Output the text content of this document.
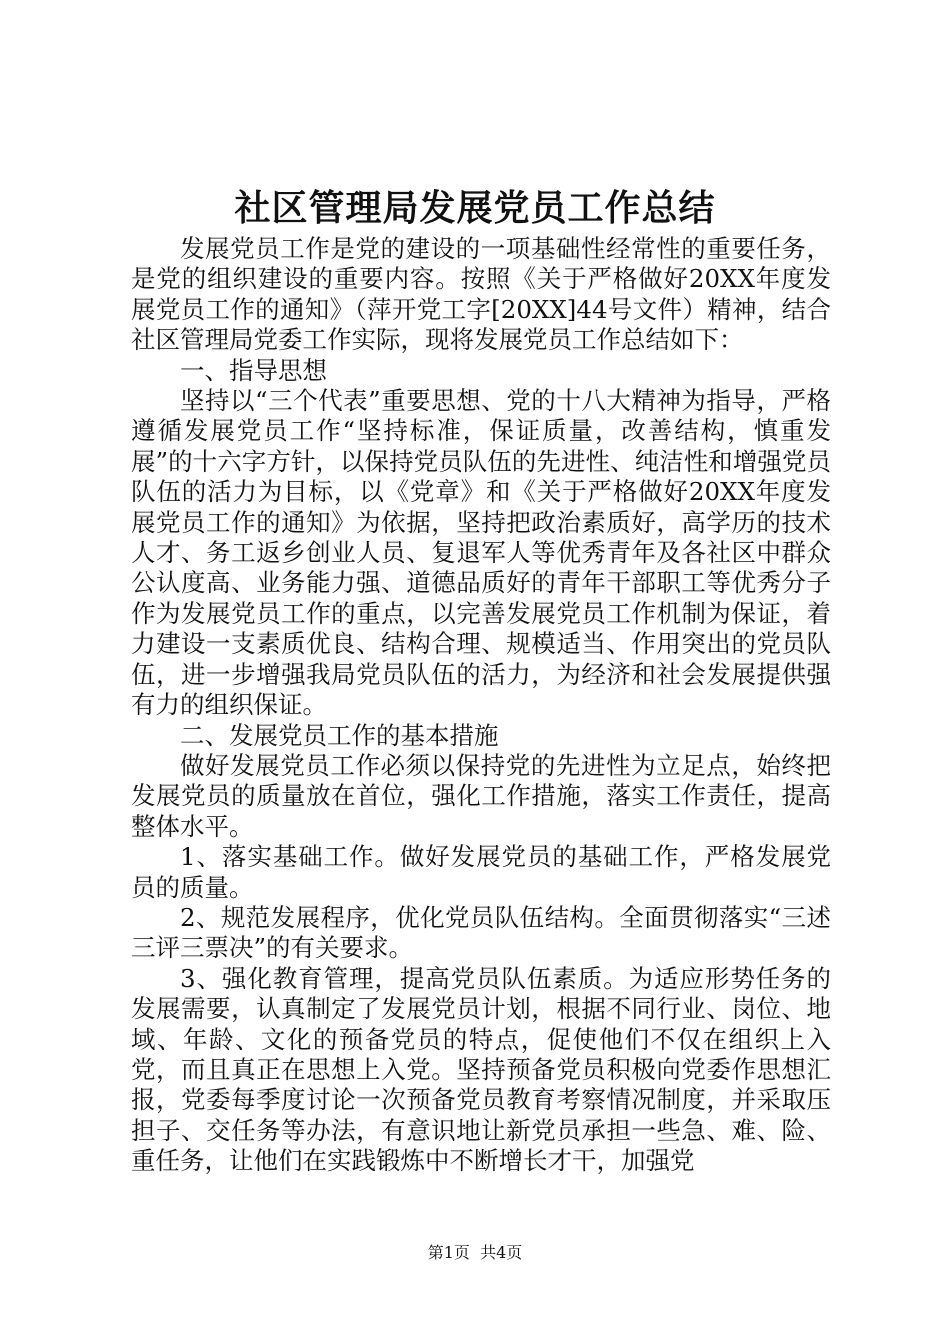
社区管理局发展党员工作总结

发展党员工作是党的建设的一项基础性经常性的重要任务，是党的组织建设的重要内容。按照《关于严格做好20XX年度发展党员工作的通知》（萍开党工字[20XX]44号文件）精神，结合社区管理局党委工作实际，现将发展党员工作总结如下：

一、指导思想

坚持以“三个代表”重要思想、党的十八大精神为指导，严格遵循发展党员工作“坚持标准，保证质量，改善结构，慎重发展”的十六字方针，以保持党员队伍的先进性、纯洁性和增强党员队伍的活力为目标，以《党章》和《关于严格做好20XX年度发展党员工作的通知》为依据，坚持把政治素质好，高学历的技术人才、务工返乡创业人员、复退军人等优秀青年及各社区中群众公认度高、业务能力强、道德品质好的青年干部职工等优秀分子作为发展党员工作的重点，以完善发展党员工作机制为保证，着力建设一支素质优良、结构合理、规模适当、作用突出的党员队伍，进一步增强我局党员队伍的活力，为经济和社会发展提供强有力的组织保证。

二、发展党员工作的基本措施

做好发展党员工作必须以保持党的先进性为立足点，始终把发展党员的质量放在首位，强化工作措施，落实工作责任，提高整体水平。

1、落实基础工作。做好发展党员的基础工作，严格发展党员的质量。

2、规范发展程序，优化党员队伍结构。全面贯彻落实“三述三评三票决”的有关要求。

3、强化教育管理，提高党员队伍素质。为适应形势任务的发展需要，认真制定了发展党员计划，根据不同行业、岗位、地域、年龄、文化的预备党员的特点，促使他们不仅在组织上入党，而且真正在思想上入党。坚持预备党员积极向党委作思想汇报，党委每季度讨论一次预备党员教育考察情况制度，并采取压担子、交任务等办法，有意识地让新党员承担一些急、难、险、重任务，让他们在实践锻炼中不断增长才干，加强党

第1页  共4页
